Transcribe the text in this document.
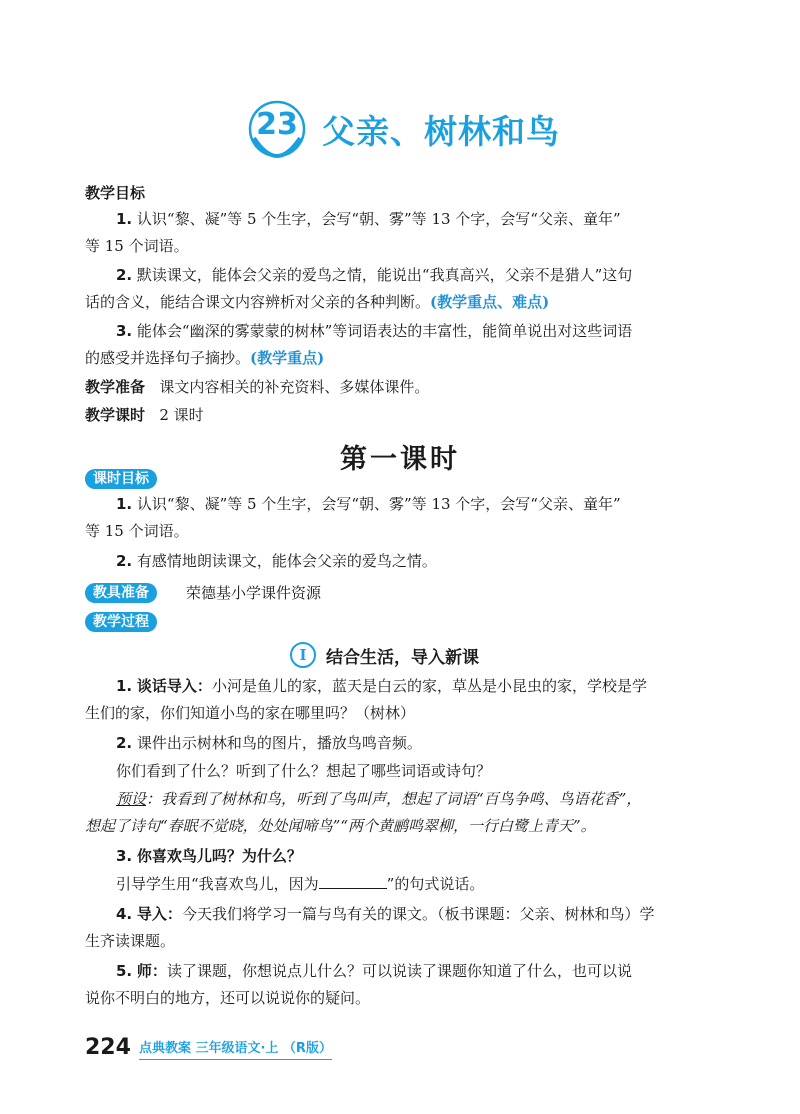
23 父亲、树林和鸟
教学目标
1. 认识“黎、凝”等 5 个生字，会写“朝、雾”等 13 个字，会写“父亲、童年”
等 15 个词语。
2. 默读课文，能体会父亲的爱鸟之情，能说出“我真高兴，父亲不是猎人”这句
话的含义，能结合课文内容辨析对父亲的各种判断。(教学重点、难点)
3. 能体会“幽深的雾蒙蒙的树林”等词语表达的丰富性，能简单说出对这些词语
的感受并选择句子摘抄。(教学重点)
教学准备 课文内容相关的补充资料、多媒体课件。
教学课时 2 课时
第一课时
课时目标
1. 认识“黎、凝”等 5 个生字，会写“朝、雾”等 13 个字，会写“父亲、童年”
等 15 个词语。
2. 有感情地朗读课文，能体会父亲的爱鸟之情。
教具准备	荣德基小学课件资源
教学过程
I	结合生活，导入新课
1. 谈话导入：小河是鱼儿的家，蓝天是白云的家，草丛是小昆虫的家，学校是学
生们的家，你们知道小鸟的家在哪里吗？（树林）
2. 课件出示树林和鸟的图片，播放鸟鸣音频。
你们看到了什么？听到了什么？想起了哪些词语或诗句？
预设：我看到了树林和鸟，听到了鸟叫声，想起了词语“百鸟争鸣、鸟语花香”，
想起了诗句“春眠不觉晓，处处闻啼鸟”“两个黄鹂鸣翠柳，一行白鹭上青天”。
3. 你喜欢鸟儿吗？为什么？
引导学生用“我喜欢鸟儿，因为	”的句式说话。
4. 导入：今天我们将学习一篇与鸟有关的课文。（板书课题：父亲、树林和鸟）学
生齐读课题。
5. 师：读了课题，你想说点儿什么？可以说读了课题你知道了什么，也可以说
说你不明白的地方，还可以说说你的疑问。
224 点典教案 三年级语文·上 （R版）
